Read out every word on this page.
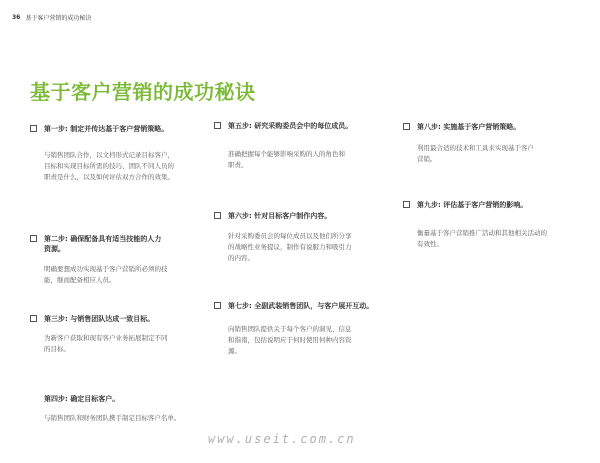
36 基于客户营销的成功秘诀
基于客户营销的成功秘诀
第一步: 制定并传达基于客户营销策略。
与销售团队合作，以文档形式记录目标客户，
目标和实现目标所需的技巧、团队不同人员的
职责是什么，以及如何评估双方合作的效果。
第二步: 确保配备具有适当技能的人力
资源。
明确要想成功实现基于客户营销所必须的技
能，继而配备相应人员。
第三步: 与销售团队达成一致目标。
为新客户获取和现有客户业务拓展制定不同
的目标。
第四步: 确定目标客户。
与销售团队和财务团队携手制定目标客户名单。
第五步: 研究采购委员会中的每位成员。
准确把握每个能够影响采购的人的角色和
职责。
第六步: 针对目标客户制作内容。
针对采购委员会的每位成员以及他们所分享
的战略性业务提议，制作有说服力和吸引力
的内容。
第七步: 全副武装销售团队，与客户展开互动。
向销售团队提供关于每个客户的洞见、信息
和指南，包括说明应于何时使用何种内容资
源。
第八步: 实施基于客户营销策略。
利用最合适的技术和工具来实现基于客户
营销。
第九步: 评估基于客户营销的影响。
衡量基于客户营销推广活动和其他相关活动的
有效性。
www.useit.com.cn
